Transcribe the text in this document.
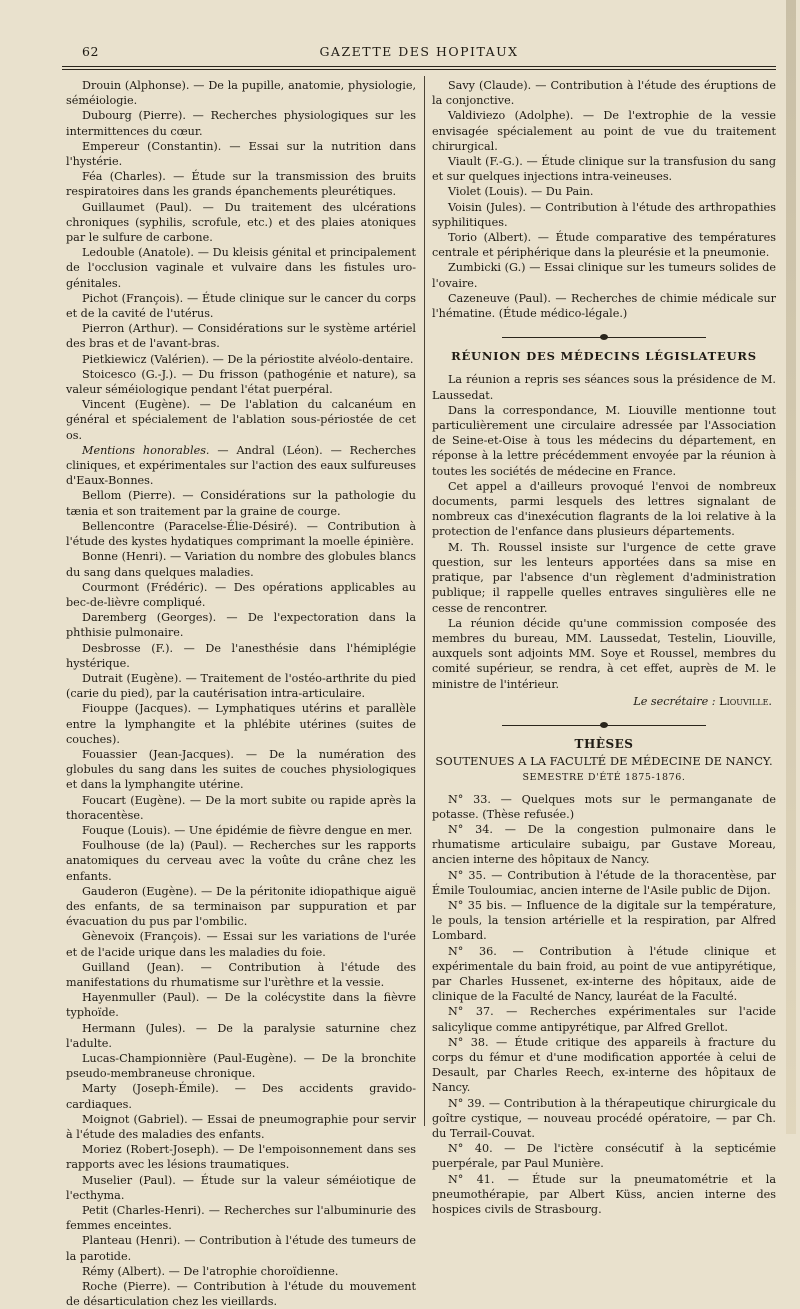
62	GAZETTE DES HOPITAUX

Drouin (Alphonse). — De la pupille, anatomie, physiologie, séméiologie.

Dubourg (Pierre). — Recherches physiologiques sur les intermittences du cœur.

Empereur (Constantin). — Essai sur la nutrition dans l'hystérie.

Féa (Charles). — Étude sur la transmission des bruits respiratoires dans les grands épanchements pleurétiques.

Guillaumet (Paul). — Du traitement des ulcérations chroniques (syphilis, scrofule, etc.) et des plaies atoniques par le sulfure de carbone.

Ledouble (Anatole). — Du kleisis génital et principalement de l'occlusion vaginale et vulvaire dans les fistules uro-génitales.

Pichot (François). — Étude clinique sur le cancer du corps et de la cavité de l'utérus.

Pierron (Arthur). — Considérations sur le système artériel des bras et de l'avant-bras.

Pietkiewicz (Valérien). — De la périostite alvéolo-dentaire.

Stoicesco (G.-J.). — Du frisson (pathogénie et nature), sa valeur séméiologique pendant l'état puerpéral.

Vincent (Eugène). — De l'ablation du calcanéum en général et spécialement de l'ablation sous-périostée de cet os.

Mentions honorables. — Andral (Léon). — Recherches cliniques, et expérimentales sur l'action des eaux sulfureuses d'Eaux-Bonnes.

Bellom (Pierre). — Considérations sur la pathologie du tænia et son traitement par la graine de courge.

Bellencontre (Paracelse-Élie-Désiré). — Contribution à l'étude des kystes hydatiques comprimant la moelle épinière.

Bonne (Henri). — Variation du nombre des globules blancs du sang dans quelques maladies.

Courmont (Frédéric). — Des opérations applicables au bec-de-lièvre compliqué.

Daremberg (Georges). — De l'expectoration dans la phthisie pulmonaire.

Desbrosse (F.). — De l'anesthésie dans l'hémiplégie hystérique.

Dutrait (Eugène). — Traitement de l'ostéo-arthrite du pied (carie du pied), par la cautérisation intra-articulaire.

Fiouppe (Jacques). — Lymphatiques utérins et parallèle entre la lymphangite et la phlébite utérines (suites de couches).

Fouassier (Jean-Jacques). — De la numération des globules du sang dans les suites de couches physiologiques et dans la lymphangite utérine.

Foucart (Eugène). — De la mort subite ou rapide après la thoracentèse.

Fouque (Louis). — Une épidémie de fièvre dengue en mer.

Foulhouse (de la) (Paul). — Recherches sur les rapports anatomiques du cerveau avec la voûte du crâne chez les enfants.

Gauderon (Eugène). — De la péritonite idiopathique aiguë des enfants, de sa terminaison par suppuration et par évacuation du pus par l'ombilic.

Gènevoix (François). — Essai sur les variations de l'urée et de l'acide urique dans les maladies du foie.

Guilland (Jean). — Contribution à l'étude des manifestations du rhumatisme sur l'urèthre et la vessie.

Hayenmuller (Paul). — De la colécystite dans la fièvre typhoïde.

Hermann (Jules). — De la paralysie saturnine chez l'adulte.

Lucas-Championnière (Paul-Eugène). — De la bronchite pseudo-membraneuse chronique.

Marty (Joseph-Émile). — Des accidents gravido-cardiaques.

Moignot (Gabriel). — Essai de pneumographie pour servir à l'étude des maladies des enfants.

Moriez (Robert-Joseph). — De l'empoisonnement dans ses rapports avec les lésions traumatiques.

Muselier (Paul). — Étude sur la valeur séméiotique de l'ecthyma.

Petit (Charles-Henri). — Recherches sur l'albuminurie des femmes enceintes.

Planteau (Henri). — Contribution à l'étude des tumeurs de la parotide.

Rémy (Albert). — De l'atrophie choroïdienne.

Roche (Pierre). — Contribution à l'étude du mouvement de désarticulation chez les vieillards.

Savy (Claude). — Contribution à l'étude des éruptions de la conjonctive.

Valdiviezo (Adolphe). — De l'extrophie de la vessie envisagée spécialement au point de vue du traitement chirurgical.

Viault (F.-G.). — Étude clinique sur la transfusion du sang et sur quelques injections intra-veineuses.

Violet (Louis). — Du Pain.

Voisin (Jules). — Contribution à l'étude des arthropathies syphilitiques.

Torio (Albert). — Étude comparative des températures centrale et périphérique dans la pleurésie et la pneumonie.

Zumbicki (G.) — Essai clinique sur les tumeurs solides de l'ovaire.

Cazeneuve (Paul). — Recherches de chimie médicale sur l'hématine. (Étude médico-légale.)

RÉUNION DES MÉDECINS LÉGISLATEURS

La réunion a repris ses séances sous la présidence de M. Laussedat.

Dans la correspondance, M. Liouville mentionne tout particulièrement une circulaire adressée par l'Association de Seine-et-Oise à tous les médecins du département, en réponse à la lettre précédemment envoyée par la réunion à toutes les sociétés de médecine en France.

Cet appel a d'ailleurs provoqué l'envoi de nombreux documents, parmi lesquels des lettres signalant de nombreux cas d'inexécution flagrants de la loi relative à la protection de l'enfance dans plusieurs départements.

M. Th. Roussel insiste sur l'urgence de cette grave question, sur les lenteurs apportées dans sa mise en pratique, par l'absence d'un règlement d'administration publique; il rappelle quelles entraves singulières elle ne cesse de rencontrer.

La réunion décide qu'une commission composée des membres du bureau, MM. Laussedat, Testelin, Liouville, auxquels sont adjoints MM. Soye et Roussel, membres du comité supérieur, se rendra, à cet effet, auprès de M. le ministre de l'intérieur.

Le secrétaire : Liouville.

THÈSES
SOUTENUES A LA FACULTÉ DE MÉDECINE DE NANCY.
SEMESTRE D'ÉTÉ 1875-1876.

N° 33. — Quelques mots sur le permanganate de potasse. (Thèse refusée.)

N° 34. — De la congestion pulmonaire dans le rhumatisme articulaire subaigu, par Gustave Moreau, ancien interne des hôpitaux de Nancy.

N° 35. — Contribution à l'étude de la thoracentèse, par Émile Touloumiac, ancien interne de l'Asile public de Dijon.

N° 35 bis. — Influence de la digitale sur la température, le pouls, la tension artérielle et la respiration, par Alfred Lombard.

N° 36. — Contribution à l'étude clinique et expérimentale du bain froid, au point de vue antipyrétique, par Charles Hussenet, ex-interne des hôpitaux, aide de clinique de la Faculté de Nancy, lauréat de la Faculté.

N° 37. — Recherches expérimentales sur l'acide salicylique comme antipyrétique, par Alfred Grellot.

N° 38. — Étude critique des appareils à fracture du corps du fémur et d'une modification apportée à celui de Desault, par Charles Reech, ex-interne des hôpitaux de Nancy.

N° 39. — Contribution à la thérapeutique chirurgicale du goître cystique, — nouveau procédé opératoire, — par Ch. du Terrail-Couvat.

N° 40. — De l'ictère consécutif à la septicémie puerpérale, par Paul Munière.

N° 41. — Étude sur la pneumatométrie et la pneumothérapie, par Albert Küss, ancien interne des hospices civils de Strasbourg.
